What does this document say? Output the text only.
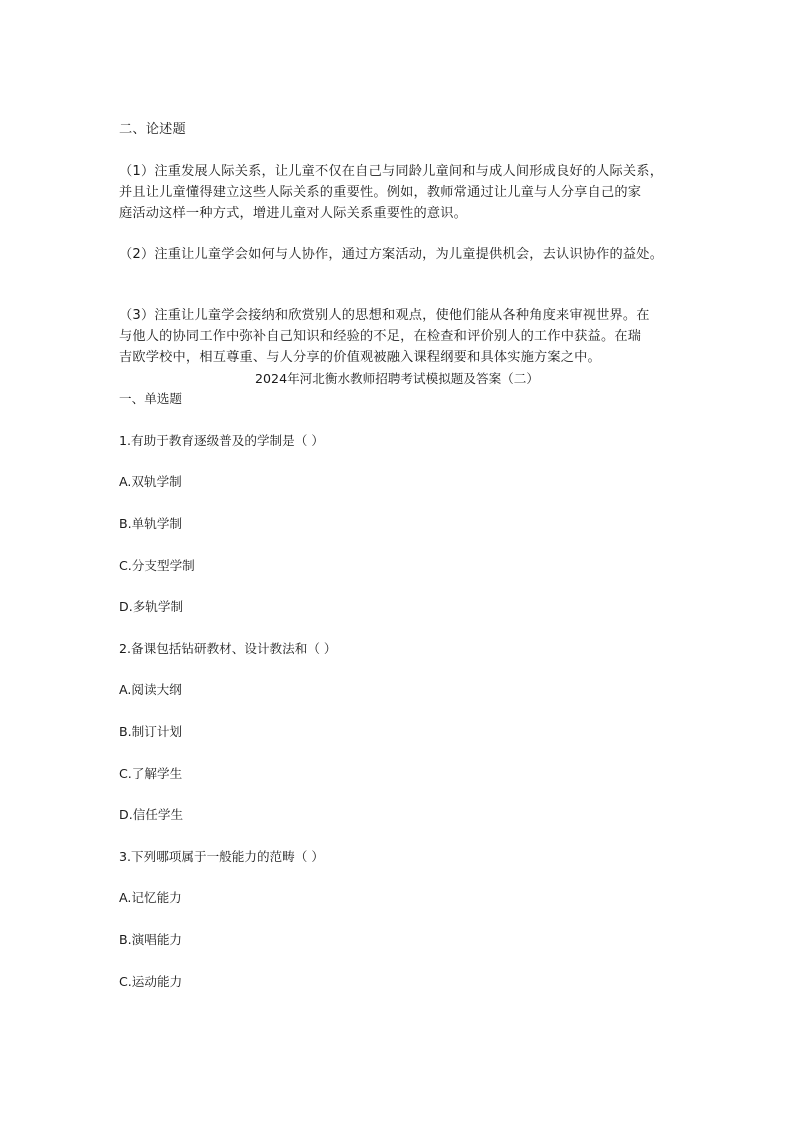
二、论述题
（1）注重发展人际关系，让儿童不仅在自己与同龄儿童间和与成人间形成良好的人际关系，
并且让儿童懂得建立这些人际关系的重要性。例如，教师常通过让儿童与人分享自己的家
庭活动这样一种方式，增进儿童对人际关系重要性的意识。
（2）注重让儿童学会如何与人协作，通过方案活动，为儿童提供机会，去认识协作的益处。
（3）注重让儿童学会接纳和欣赏别人的思想和观点，使他们能从各种角度来审视世界。在
与他人的协同工作中弥补自己知识和经验的不足，在检查和评价别人的工作中获益。在瑞
吉欧学校中，相互尊重、与人分享的价值观被融入课程纲要和具体实施方案之中。
2024年河北衡水教师招聘考试模拟题及答案（二）
一、单选题
1.有助于教育逐级普及的学制是（ ）
A.双轨学制
B.单轨学制
C.分支型学制
D.多轨学制
2.备课包括钻研教材、设计教法和（ ）
A.阅读大纲
B.制订计划
C.了解学生
D.信任学生
3.下列哪项属于一般能力的范畴（ ）
A.记忆能力
B.演唱能力
C.运动能力
